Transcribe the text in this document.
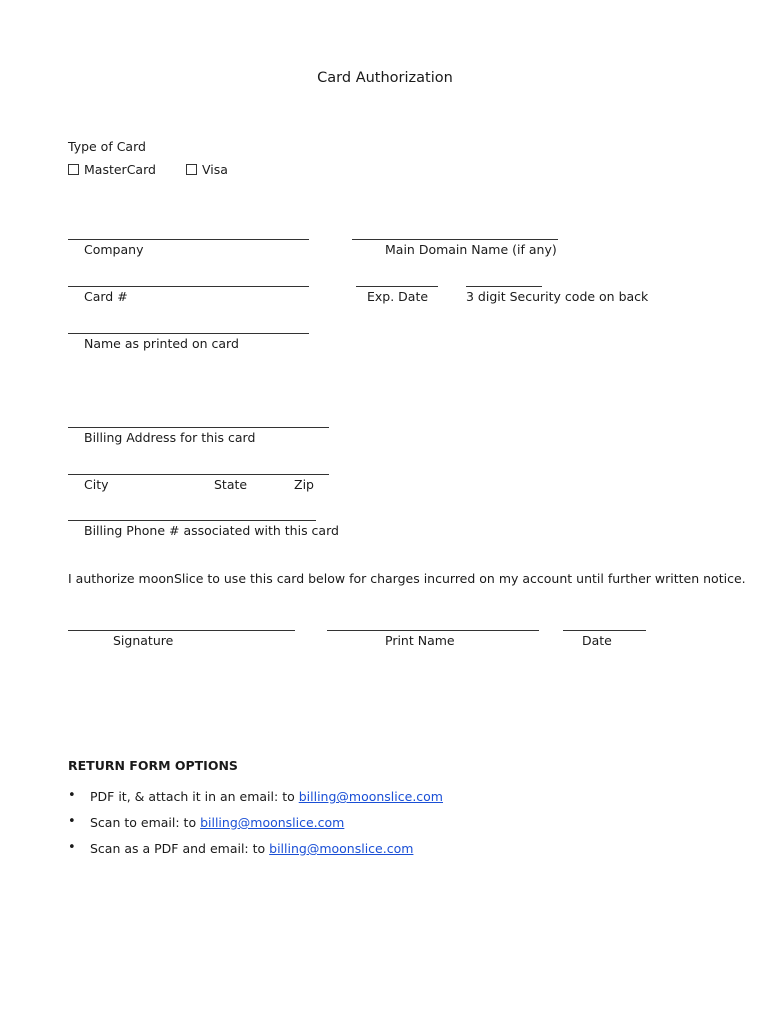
Card Authorization
Type of Card
MasterCard	Visa
Company	Main Domain Name (if any)
Card #	Exp. Date	3 digit Security code on back
Name as printed on card
Billing Address for this card
City	State	Zip
Billing Phone # associated with this card
I authorize moonSlice to use this card below for charges incurred on my account until further written notice.
Signature	Print Name	Date
RETURN FORM OPTIONS
• PDF it, & attach it in an email: to billing@moonslice.com
• Scan to email: to billing@moonslice.com
• Scan as a PDF and email: to billing@moonslice.com
